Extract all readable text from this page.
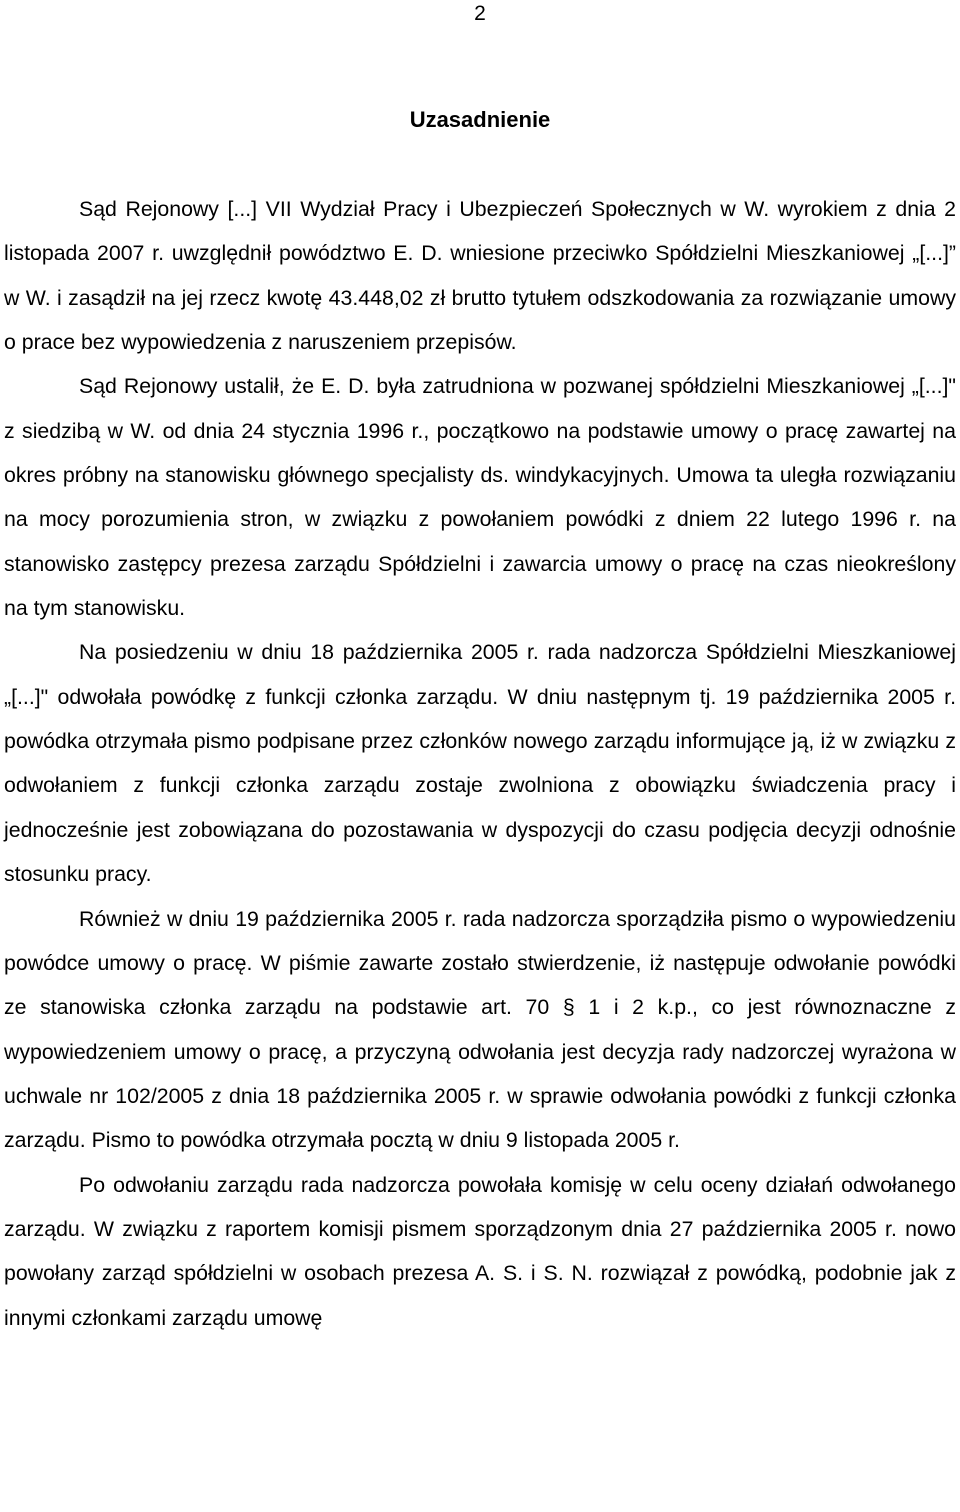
2
Uzasadnienie

Sąd Rejonowy [...] VII Wydział Pracy i Ubezpieczeń Społecznych w W. wyrokiem z dnia 2 listopada 2007 r. uwzględnił powództwo E. D. wniesione przeciwko Spółdzielni Mieszkaniowej „[...]” w W. i zasądził na jej rzecz kwotę 43.448,02 zł brutto tytułem odszkodowania za rozwiązanie umowy o prace bez wypowiedzenia z naruszeniem przepisów.

Sąd Rejonowy ustalił, że E. D. była zatrudniona w pozwanej spółdzielni Mieszkaniowej „[...]" z siedzibą w W. od dnia 24 stycznia 1996 r., początkowo na podstawie umowy o pracę zawartej na okres próbny na stanowisku głównego specjalisty ds. windykacyjnych. Umowa ta uległa rozwiązaniu na mocy porozumienia stron, w związku z powołaniem powódki z dniem 22 lutego 1996 r. na stanowisko zastępcy prezesa zarządu Spółdzielni i zawarcia umowy o pracę na czas nieokreślony na tym stanowisku.

Na posiedzeniu w dniu 18 października 2005 r. rada nadzorcza Spółdzielni Mieszkaniowej „[...]" odwołała powódkę z funkcji członka zarządu. W dniu następnym tj. 19 października 2005 r. powódka otrzymała pismo podpisane przez członków nowego zarządu informujące ją, iż w związku z odwołaniem z funkcji członka zarządu zostaje zwolniona z obowiązku świadczenia pracy i jednocześnie jest zobowiązana do pozostawania w dyspozycji do czasu podjęcia decyzji odnośnie stosunku pracy.

Również w dniu 19 października 2005 r. rada nadzorcza sporządziła pismo o wypowiedzeniu powódce umowy o pracę. W piśmie zawarte zostało stwierdzenie, iż następuje odwołanie powódki ze stanowiska członka zarządu na podstawie art. 70 § 1 i 2 k.p., co jest równoznaczne z wypowiedzeniem umowy o pracę, a przyczyną odwołania jest decyzja rady nadzorczej wyrażona w uchwale nr 102/2005 z dnia 18 października 2005 r. w sprawie odwołania powódki z funkcji członka zarządu. Pismo to powódka otrzymała pocztą w dniu 9 listopada 2005 r.

Po odwołaniu zarządu rada nadzorcza powołała komisję w celu oceny działań odwołanego zarządu. W związku z raportem komisji pismem sporządzonym dnia 27 października 2005 r. nowo powołany zarząd spółdzielni w osobach prezesa A. S. i S. N. rozwiązał z powódką, podobnie jak z innymi członkami zarządu umowę
